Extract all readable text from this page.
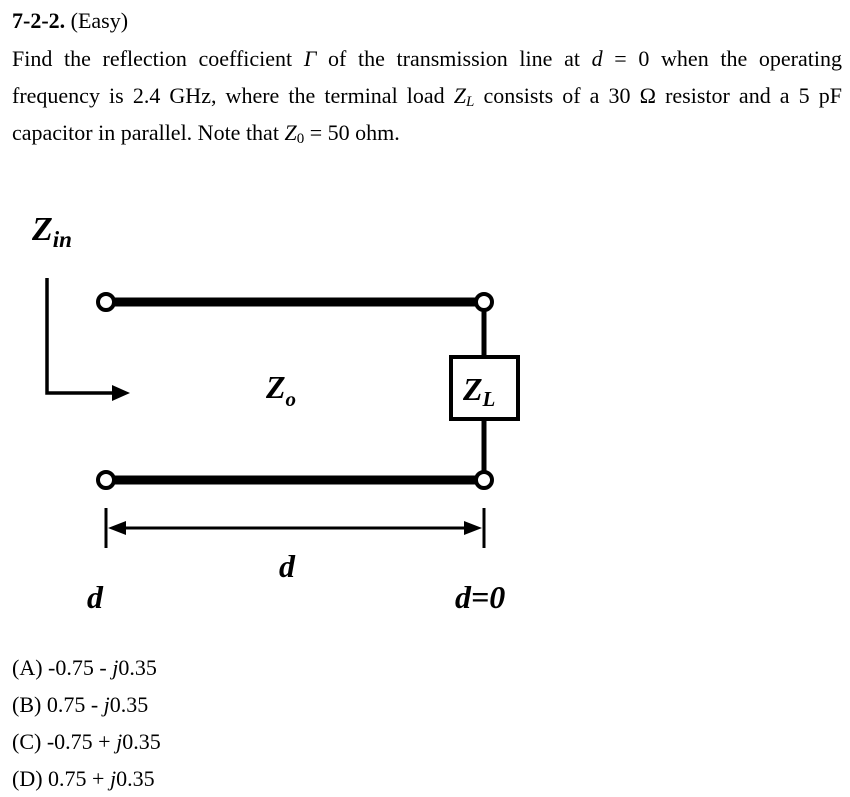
7-2-2. (Easy)
Find the reflection coefficient Γ of the transmission line at d = 0 when the operating
frequency is 2.4 GHz, where the terminal load $Z_L$ consists of a 30 Ω resistor and a 5 pF
capacitor in parallel. Note that $Z_0 = 50$ ohm.
$Z_{in}$
ZL
$Z_o$
d
d	d=0
(A) -0.75 - j0.35
(B) 0.75 - j0.35
(C) -0.75 + j0.35
(D) 0.75 + j0.35
